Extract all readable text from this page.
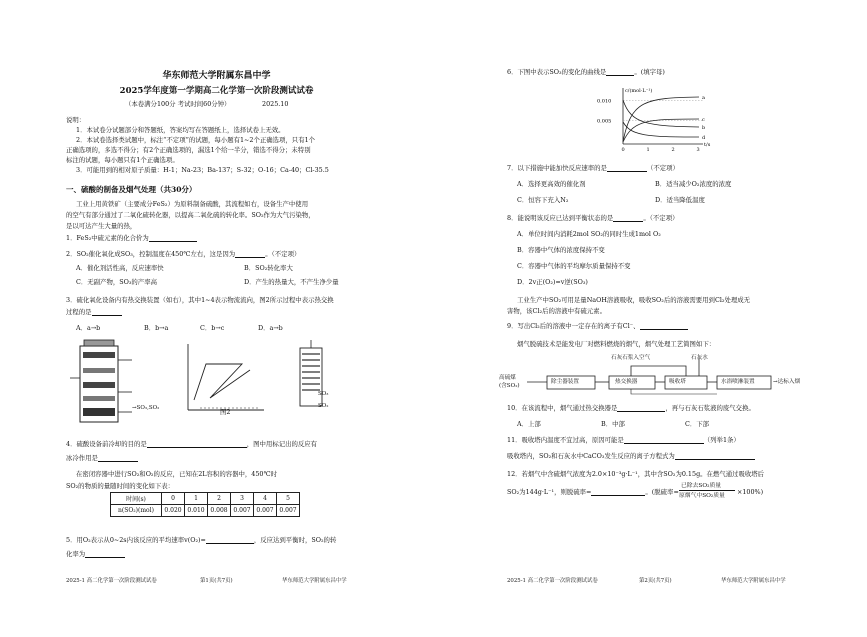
华东师范大学附属东昌中学
2025学年度第一学期高二化学第一次阶段测试试卷
（本卷满分100分 考试时间60分钟）	2025.10
说明：
1．本试卷分试题部分和答题纸，答案均写在答题纸上，选择试卷上无效。
2．本试卷选择类试题中，标注“不定项”的试题，每小题有1~2个正确选项，只有1个
正确选项的，多选不得分；有2个正确选项的，漏选1个给一半分，错选不得分；未特别
标注的试题，每小题只有1个正确选项。
3．可能用到的相对原子质量：H-1；Na-23；Ba-137；S-32；O-16；Ca-40；Cl-35.5
一、硫酸的制备及烟气处理（共30分）
工业上用黄铁矿（主要成分FeS₂）为原料制备硫酸，其流程如右，设备生产中使用
的空气有部分通过了二氧化硫转化器，以提高二氧化硫的转化率。SO₂作为大气污染物，
是以可达产生大量的热，
1．FeS₂中硫元素的化合价为
2．SO₂催化氧化成SO₃，控制温度在450℃左右，这是因为	。（不定项）
A．催化剂活性高，反应速率快	B．SO₂转化率大
C．无副产物，SO₃的产率高	D．产生的热量大，不产生净少量
3．硫化氧化设备内有热交换装置（如右），其中1~4表示物流流向，图2所示过程中表示热交换
过程的是
A．a→b	B．b→a	C．b→c	D．a→b
→SO₃,SO₂	图2
SO₃
SO₂
4．硫酸设备前冷却的目的是	，图中用标记出的反应有
冰冷作用是
在密闭容器中进行SO₂和O₂的反应，已知在2L容积的容器中，450℃时
SO₂的物质的量随时间的变化如下表：
时间(s)	0	1	2	3	4	5
n(SO₂)(mol)	0.020	0.010	0.008	0.007	0.007	0.007
5．用O₂表示从0~2s内该反应的平均速率v(O₂)=	，反应达到平衡时，SO₂的转
化率为
2025-1 高二化学第一次阶段测试试卷	第1页(共7页)	华东师范大学附属东昌中学
6．下图中表示SO₃的变化的曲线是	。(填字母)
c/(mol·L⁻¹)
t/s
0.010
0.005
0	1	2	3
a
b
c
d
7．以下措施中能加快反应速率的是	（不定项）
A．选择更高效的催化剂	B．适当减少O₂浓度的浓度
C．恒容下充入N₂	D．适当降低温度
8．能说明该反应已达到平衡状态的是	。（不定项）
A．单位时间内消耗2mol SO₂的同时生成1mol O₂
B．容器中气体的浓度保持不变
C．容器中气体的平均摩尔质量保持不变
D．2v正(O₂)=v逆(SO₃)
工业生产中SO₂可用足量NaOH溶液吸收，吸收SO₂后的溶液需要用到Cl₂处理成无
害物，该Cl₂后的溶液中有硫元素。
9．写出Cl₂后的溶液中一定存在的离子有Cl⁻、
烟气脱硫技术是能发电厂对燃料燃烧的烟气，烟气处理工艺简图如下：
高硫煤
(含SO₂)
除尘器装置	热交换器	吸收塔	水浴喷淋装置	→达标入烟
石灰石浆入空气	石灰水
10．在该流程中，烟气通过热交换器是	，再与石灰石浆液的废气交换。
A．上部	B．中部	C．下部
11．吸收塔内温度不宜过高，原因可能是	（列举1条）
吸收塔内，SO₂和石灰水中CaCO₃发生反应的离子方程式为
12．若烟气中含硫烟气浓度为2.0×10⁻³g·L⁻¹，其中含SO₂为0.15g。在燃气通过吸收塔后
SO₂为144g·L⁻¹，则脱硫率=	。(脱硫率=
已除去SO₂质量
原烟气中SO₂质量 ×100%)
2025-1 高二化学第一次阶段测试试卷	第2页(共7页)	华东师范大学附属东昌中学
